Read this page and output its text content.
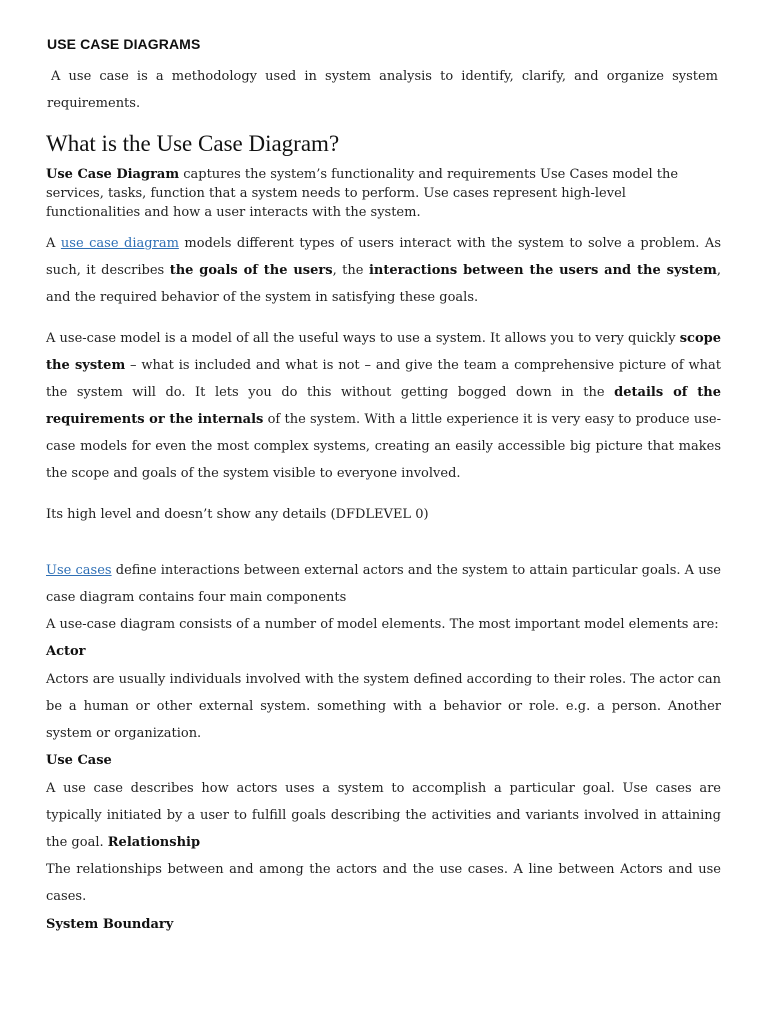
USE CASE DIAGRAMS
A use case is a methodology used in system analysis to identify, clarify, and organize system requirements.
What is the Use Case Diagram?
Use Case Diagram captures the system’s functionality and requirements Use Cases model the services, tasks, function that a system needs to perform. Use cases represent high-level functionalities and how a user interacts with the system.
A use case diagram models different types of users interact with the system to solve a problem. As such, it describes the goals of the users, the interactions between the users and the system, and the required behavior of the system in satisfying these goals.
A use-case model is a model of all the useful ways to use a system. It allows you to very quickly scope the system – what is included and what is not – and give the team a comprehensive picture of what the system will do. It lets you do this without getting bogged down in the details of the requirements or the internals of the system. With a little experience it is very easy to produce use-case models for even the most complex systems, creating an easily accessible big picture that makes the scope and goals of the system visible to everyone involved.
Its high level and doesn’t show any details (DFDLEVEL 0)
Use cases define interactions between external actors and the system to attain particular goals. A use case diagram contains four main components
A use-case diagram consists of a number of model elements. The most important model elements are:
Actor
Actors are usually individuals involved with the system defined according to their roles. The actor can be a human or other external system. something with a behavior or role. e.g. a person. Another system or organization.
Use Case
A use case describes how actors uses a system to accomplish a particular goal. Use cases are typically initiated by a user to fulfill goals describing the activities and variants involved in attaining the goal. Relationship
The relationships between and among the actors and the use cases. A line between Actors and use cases.
System Boundary
